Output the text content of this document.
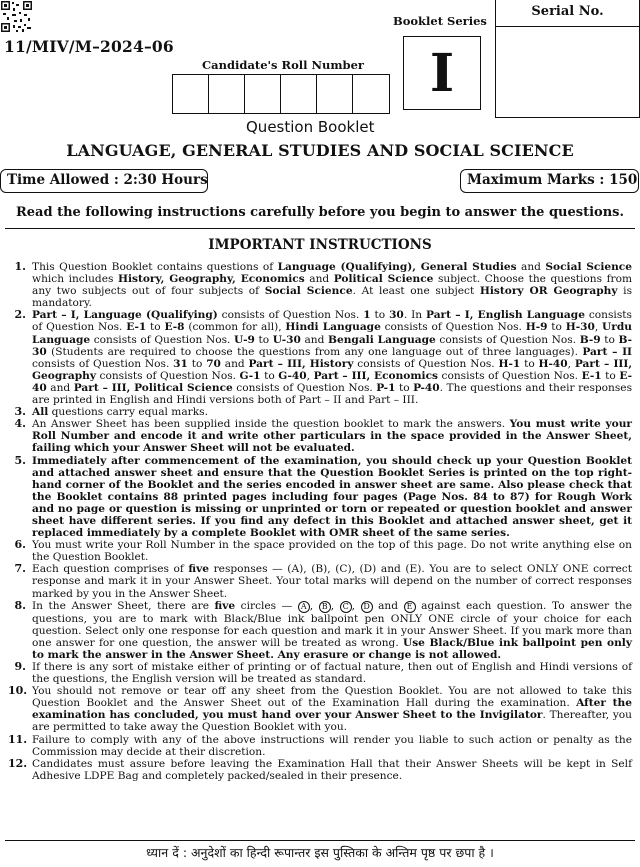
11/MIV/M–2024–06
Candidate's Roll Number
Booklet Series
I
Serial No.
Question Booklet
LANGUAGE, GENERAL STUDIES AND SOCIAL SCIENCE
Time Allowed : 2:30 Hours	Maximum Marks : 150
Read the following instructions carefully before you begin to answer the questions.
IMPORTANT INSTRUCTIONS
1. This Question Booklet contains questions of Language (Qualifying), General Studies and Social Science which includes History, Geography, Economics and Political Science subject. Choose the questions from any two subjects out of four subjects of Social Science. At least one subject History OR Geography is mandatory.
2. Part – I, Language (Qualifying) consists of Question Nos. 1 to 30. In Part – I, English Language consists of Question Nos. E-1 to E-8 (common for all), Hindi Language consists of Question Nos. H-9 to H-30, Urdu Language consists of Question Nos. U-9 to U-30 and Bengali Language consists of Question Nos. B-9 to B-30 (Students are required to choose the questions from any one language out of three languages). Part – II consists of Question Nos. 31 to 70 and Part – III, History consists of Question Nos. H-1 to H-40, Part – III, Geography consists of Question Nos. G-1 to G-40, Part – III, Economics consists of Question Nos. E-1 to E-40 and Part – III, Political Science consists of Question Nos. P-1 to P-40. The questions and their responses are printed in English and Hindi versions both of Part – II and Part – III.
3. All questions carry equal marks.
4. An Answer Sheet has been supplied inside the question booklet to mark the answers. You must write your Roll Number and encode it and write other particulars in the space provided in the Answer Sheet, failing which your Answer Sheet will not be evaluated.
5. Immediately after commencement of the examination, you should check up your Question Booklet and attached answer sheet and ensure that the Question Booklet Series is printed on the top right-hand corner of the Booklet and the series encoded in answer sheet are same. Also please check that the Booklet contains 88 printed pages including four pages (Page Nos. 84 to 87) for Rough Work and no page or question is missing or unprinted or torn or repeated or question booklet and answer sheet have different series. If you find any defect in this Booklet and attached answer sheet, get it replaced immediately by a complete Booklet with OMR sheet of the same series.
6. You must write your Roll Number in the space provided on the top of this page. Do not write anything else on the Question Booklet.
7. Each question comprises of five responses — (A), (B), (C), (D) and (E). You are to select ONLY ONE correct response and mark it in your Answer Sheet. Your total marks will depend on the number of correct responses marked by you in the Answer Sheet.
8. In the Answer Sheet, there are five circles — A , B , C , D and E against each question. To answer the questions, you are to mark with Black/Blue ink ballpoint pen ONLY ONE circle of your choice for each question. Select only one response for each question and mark it in your Answer Sheet. If you mark more than one answer for one question, the answer will be treated as wrong. Use Black/Blue ink ballpoint pen only to mark the answer in the Answer Sheet. Any erasure or change is not allowed.
9. If there is any sort of mistake either of printing or of factual nature, then out of English and Hindi versions of the questions, the English version will be treated as standard.
10. You should not remove or tear off any sheet from the Question Booklet. You are not allowed to take this Question Booklet and the Answer Sheet out of the Examination Hall during the examination. After the examination has concluded, you must hand over your Answer Sheet to the Invigilator. Thereafter, you are permitted to take away the Question Booklet with you.
11. Failure to comply with any of the above instructions will render you liable to such action or penalty as the Commission may decide at their discretion.
12. Candidates must assure before leaving the Examination Hall that their Answer Sheets will be kept in Self Adhesive LDPE Bag and completely packed/sealed in their presence.
ध्यान दें : अनुदेशों का हिन्दी रूपान्तर इस पुस्तिका के अन्तिम पृष्ठ पर छपा है ।
